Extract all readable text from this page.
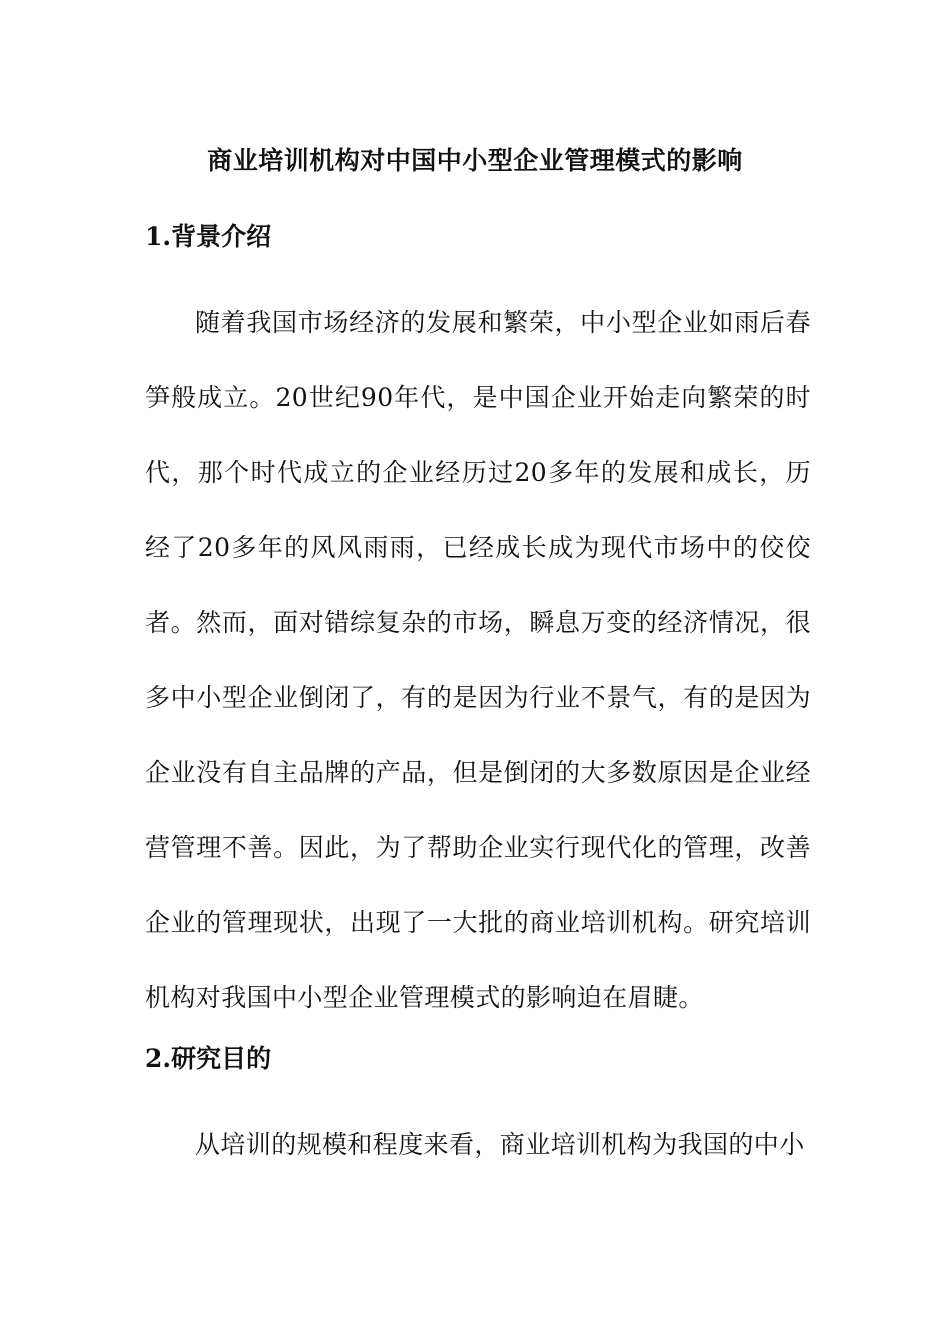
商业培训机构对中国中小型企业管理模式的影响
1.背景介绍

随着我国市场经济的发展和繁荣，中小型企业如雨后春笋般成立。20世纪90年代，是中国企业开始走向繁荣的时代，那个时代成立的企业经历过20多年的发展和成长，历经了20多年的风风雨雨，已经成长成为现代市场中的佼佼者。然而，面对错综复杂的市场，瞬息万变的经济情况，很多中小型企业倒闭了，有的是因为行业不景气，有的是因为企业没有自主品牌的产品，但是倒闭的大多数原因是企业经营管理不善。因此，为了帮助企业实行现代化的管理，改善企业的管理现状，出现了一大批的商业培训机构。研究培训机构对我国中小型企业管理模式的影响迫在眉睫。

2.研究目的

从培训的规模和程度来看，商业培训机构为我国的中小
